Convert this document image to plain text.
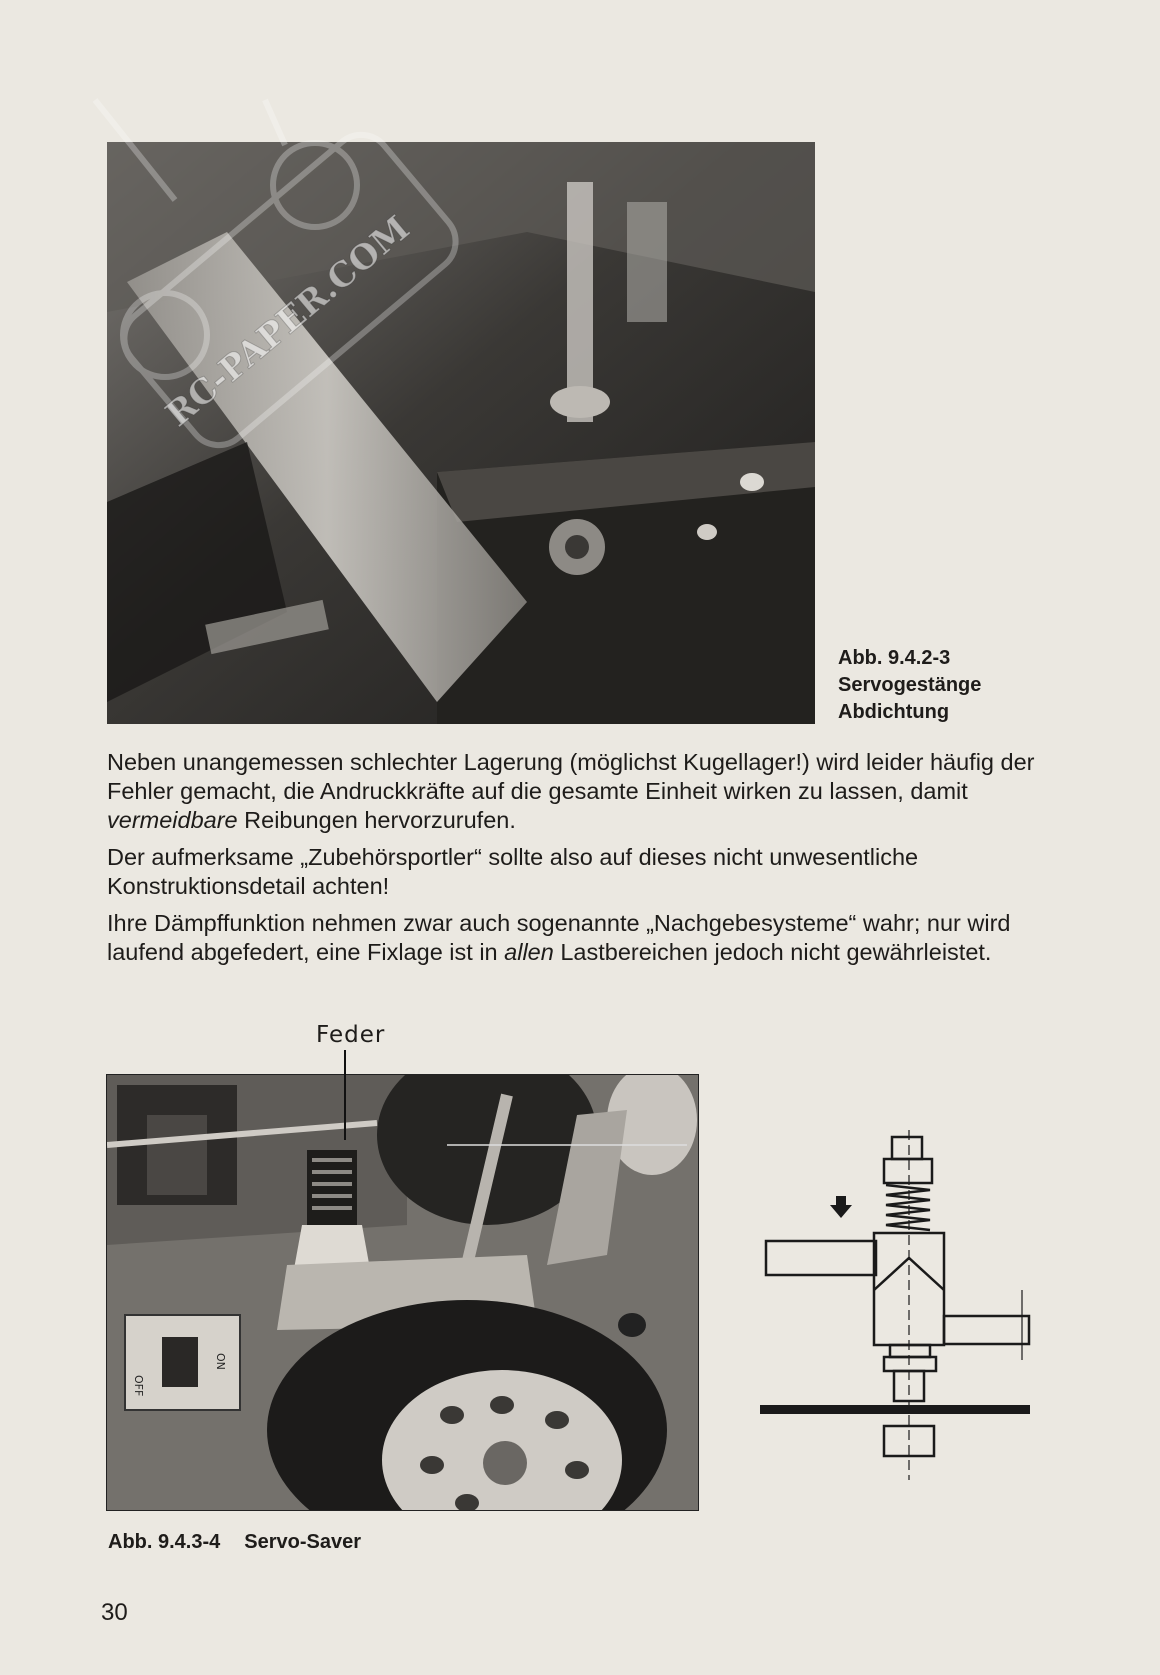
RC-PAPER.COM
Abb. 9.4.2-3
Servogestänge
Abdichtung

Neben unangemessen schlechter Lagerung (möglichst Kugellager!) wird leider häufig der Fehler gemacht, die Andruckkräfte auf die gesamte Einheit wirken zu lassen, damit vermeidbare Reibungen hervorzurufen.

Der aufmerksame „Zubehörsportler“ sollte also auf dieses nicht unwesentliche Konstruktionsdetail achten!

Ihre Dämpffunktion nehmen zwar auch sogenannte „Nachgebesysteme“ wahr; nur wird laufend abgefedert, eine Fixlage ist in allen Lastbereichen jedoch nicht gewährleistet.

Feder
OFF
ON
Abb. 9.4.3-4 Servo-Saver
30
